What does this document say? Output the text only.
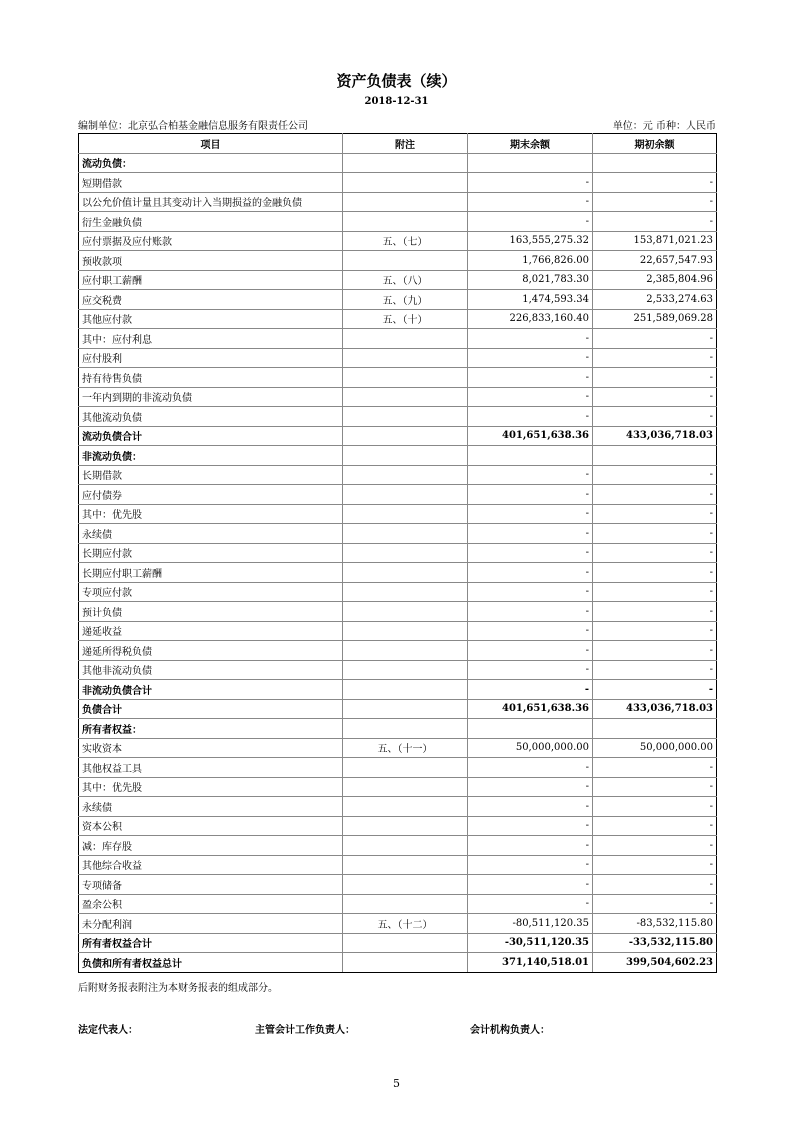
资产负债表（续）
2018-12-31
编制单位：北京弘合柏基金融信息服务有限责任公司	单位：元 币种：人民币
项目	附注	期末余额	期初余额
流动负债：			
短期借款		-	-
以公允价值计量且其变动计入当期损益的金融负债		-	-
衍生金融负债		-	-
应付票据及应付账款	五、（七）	163,555,275.32	153,871,021.23
预收款项		1,766,826.00	22,657,547.93
应付职工薪酬	五、（八）	8,021,783.30	2,385,804.96
应交税费	五、（九）	1,474,593.34	2,533,274.63
其他应付款	五、（十）	226,833,160.40	251,589,069.28
其中：应付利息		-	-
应付股利		-	-
持有待售负债		-	-
一年内到期的非流动负债		-	-
其他流动负债		-	-
流动负债合计		401,651,638.36	433,036,718.03
非流动负债：			
长期借款		-	-
应付债券		-	-
其中：优先股		-	-
永续债		-	-
长期应付款		-	-
长期应付职工薪酬		-	-
专项应付款		-	-
预计负债		-	-
递延收益		-	-
递延所得税负债		-	-
其他非流动负债		-	-
非流动负债合计		-	-
负债合计		401,651,638.36	433,036,718.03
所有者权益：			
实收资本	五、（十一）	50,000,000.00	50,000,000.00
其他权益工具		-	-
其中：优先股		-	-
永续债		-	-
资本公积		-	-
减：库存股		-	-
其他综合收益		-	-
专项储备		-	-
盈余公积		-	-
未分配利润	五、（十二）	-80,511,120.35	-83,532,115.80
所有者权益合计		-30,511,120.35	-33,532,115.80
负债和所有者权益总计		371,140,518.01	399,504,602.23
后附财务报表附注为本财务报表的组成部分。
法定代表人：	主管会计工作负责人：	会计机构负责人：
5
